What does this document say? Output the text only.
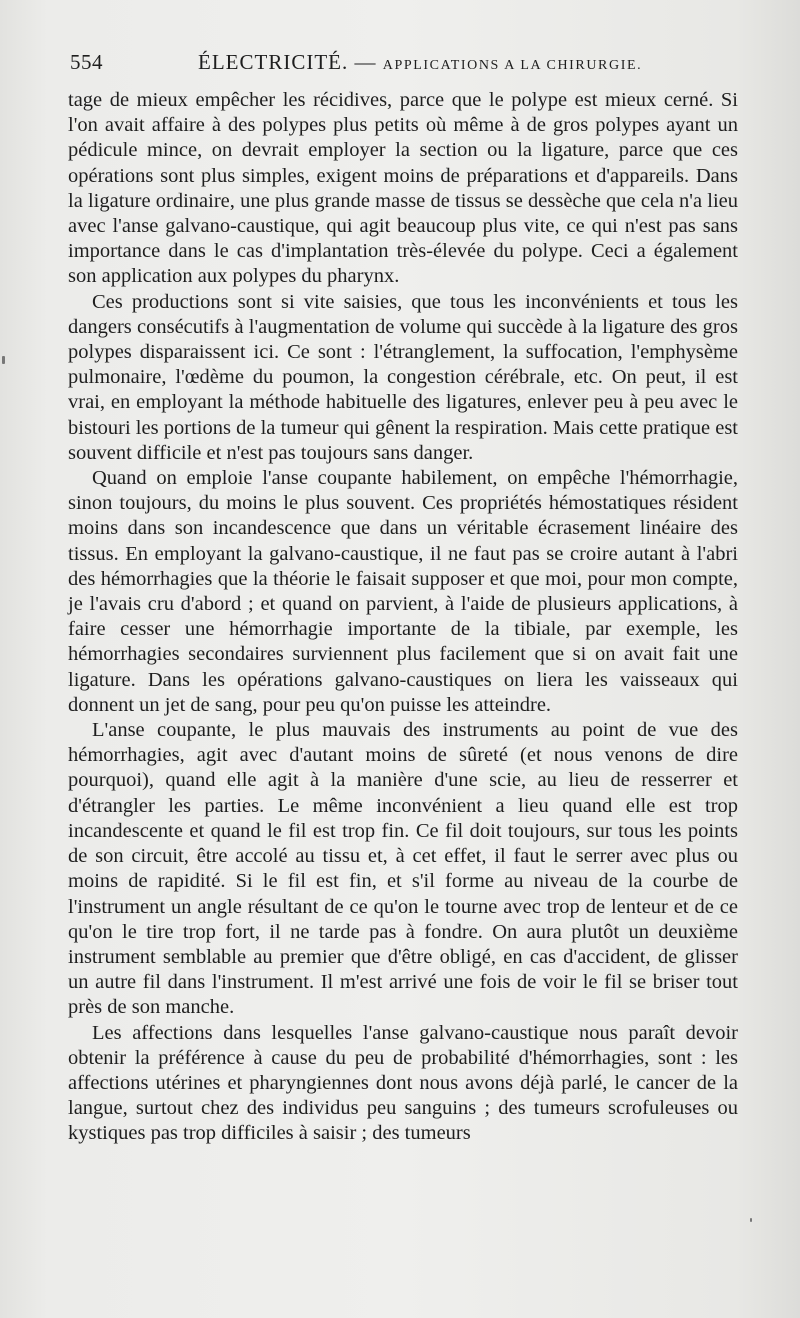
554	ÉLECTRICITÉ. — APPLICATIONS A LA CHIRURGIE.

tage de mieux empêcher les récidives, parce que le polype est mieux cerné. Si l'on avait affaire à des polypes plus petits où même à de gros polypes ayant un pédicule mince, on devrait employer la section ou la ligature, parce que ces opérations sont plus simples, exigent moins de préparations et d'appareils. Dans la ligature ordinaire, une plus grande masse de tissus se dessèche que cela n'a lieu avec l'anse galvano-caustique, qui agit beaucoup plus vite, ce qui n'est pas sans importance dans le cas d'implantation très-élevée du polype. Ceci a également son application aux polypes du pharynx.

Ces productions sont si vite saisies, que tous les inconvénients et tous les dangers consécutifs à l'augmentation de volume qui succède à la ligature des gros polypes disparaissent ici. Ce sont : l'étranglement, la suffocation, l'emphysème pulmonaire, l'œdème du poumon, la congestion cérébrale, etc. On peut, il est vrai, en employant la méthode habituelle des ligatures, enlever peu à peu avec le bistouri les portions de la tumeur qui gênent la respiration. Mais cette pratique est souvent difficile et n'est pas toujours sans danger.

Quand on emploie l'anse coupante habilement, on empêche l'hémorrhagie, sinon toujours, du moins le plus souvent. Ces propriétés hémostatiques résident moins dans son incandescence que dans un véritable écrasement linéaire des tissus. En employant la galvano-caustique, il ne faut pas se croire autant à l'abri des hémorrhagies que la théorie le faisait supposer et que moi, pour mon compte, je l'avais cru d'abord ; et quand on parvient, à l'aide de plusieurs applications, à faire cesser une hémorrhagie importante de la tibiale, par exemple, les hémorrhagies secondaires surviennent plus facilement que si on avait fait une ligature. Dans les opérations galvano-caustiques on liera les vaisseaux qui donnent un jet de sang, pour peu qu'on puisse les atteindre.

L'anse coupante, le plus mauvais des instruments au point de vue des hémorrhagies, agit avec d'autant moins de sûreté (et nous venons de dire pourquoi), quand elle agit à la manière d'une scie, au lieu de resserrer et d'étrangler les parties. Le même inconvénient a lieu quand elle est trop incandescente et quand le fil est trop fin. Ce fil doit toujours, sur tous les points de son circuit, être accolé au tissu et, à cet effet, il faut le serrer avec plus ou moins de rapidité. Si le fil est fin, et s'il forme au niveau de la courbe de l'instrument un angle résultant de ce qu'on le tourne avec trop de lenteur et de ce qu'on le tire trop fort, il ne tarde pas à fondre. On aura plutôt un deuxième instrument semblable au premier que d'être obligé, en cas d'accident, de glisser un autre fil dans l'instrument. Il m'est arrivé une fois de voir le fil se briser tout près de son manche.

Les affections dans lesquelles l'anse galvano-caustique nous paraît devoir obtenir la préférence à cause du peu de probabilité d'hémorrhagies, sont : les affections utérines et pharyngiennes dont nous avons déjà parlé, le cancer de la langue, surtout chez des individus peu sanguins ; des tumeurs scrofuleuses ou kystiques pas trop difficiles à saisir ; des tumeurs
